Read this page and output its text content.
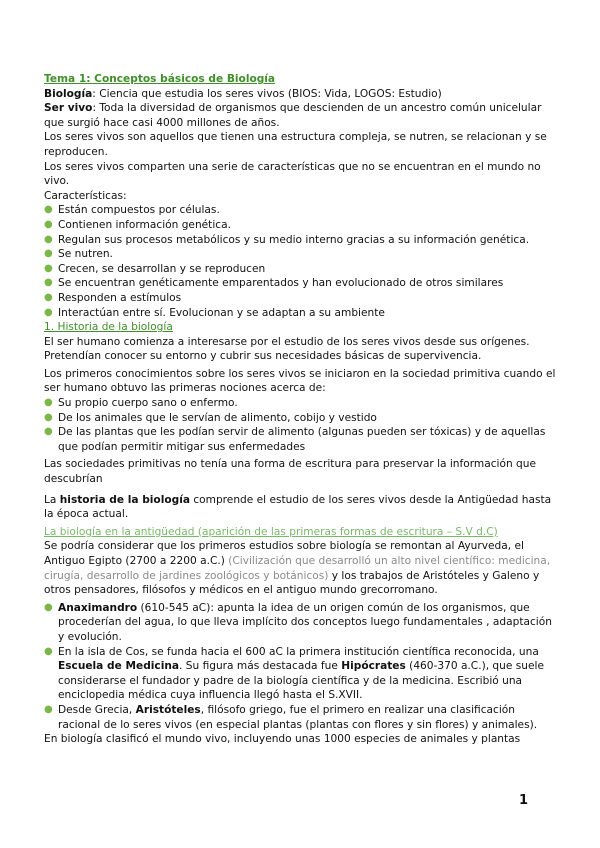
Tema 1: Conceptos básicos de Biología

Biología: Ciencia que estudia los seres vivos (BIOS: Vida, LOGOS: Estudio)

Ser vivo: Toda la diversidad de organismos que descienden de un ancestro común unicelular que surgió hace casi 4000 millones de años.

Los seres vivos son aquellos que tienen una estructura compleja, se nutren, se relacionan y se reproducen.

Los seres vivos comparten una serie de características que no se encuentran en el mundo no vivo.

Características:

● Están compuestos por células.
● Contienen información genética.
● Regulan sus procesos metabólicos y su medio interno gracias a su información genética.
● Se nutren.
● Crecen, se desarrollan y se reproducen
● Se encuentran genéticamente emparentados y han evolucionado de otros similares
● Responden a estímulos
● Interactúan entre sí. Evolucionan y se adaptan a su ambiente

1. Historia de la biología

El ser humano comienza a interesarse por el estudio de los seres vivos desde sus orígenes. Pretendían conocer su entorno y cubrir sus necesidades básicas de supervivencia.

Los primeros conocimientos sobre los seres vivos se iniciaron en la sociedad primitiva cuando el ser humano obtuvo las primeras nociones acerca de:

● Su propio cuerpo sano o enfermo.
● De los animales que le servían de alimento, cobijo y vestido
● De las plantas que les podían servir de alimento (algunas pueden ser tóxicas) y de aquellas que podían permitir mitigar sus enfermedades

Las sociedades primitivas no tenía una forma de escritura para preservar la información que descubrían

La historia de la biología comprende el estudio de los seres vivos desde la Antigüedad hasta la época actual.

La biología en la antigüedad (aparición de las primeras formas de escritura – S.V d.C)

Se podría considerar que los primeros estudios sobre biología se remontan al Ayurveda, el Antiguo Egipto (2700 a 2200 a.C.) (Civilización que desarrolló un alto nivel científico: medicina, cirugía, desarrollo de jardines zoológicos y botánicos) y los trabajos de Aristóteles y Galeno y otros pensadores, filósofos y médicos en el antiguo mundo grecorromano.

● Anaximandro (610-545 aC): apunta la idea de un origen común de los organismos, que procederían del agua, lo que lleva implícito dos conceptos luego fundamentales , adaptación y evolución.
● En la isla de Cos, se funda hacia el 600 aC la primera institución científica reconocida, una Escuela de Medicina. Su figura más destacada fue Hipócrates (460-370 a.C.), que suele considerarse el fundador y padre de la biología científica y de la medicina. Escribió una enciclopedia médica cuya influencia llegó hasta el S.XVII.
● Desde Grecia, Aristóteles, filósofo griego, fue el primero en realizar una clasificación racional de lo seres vivos (en especial plantas (plantas con flores y sin flores) y animales).

En biología clasificó el mundo vivo, incluyendo unas 1000 especies de animales y plantas

1
